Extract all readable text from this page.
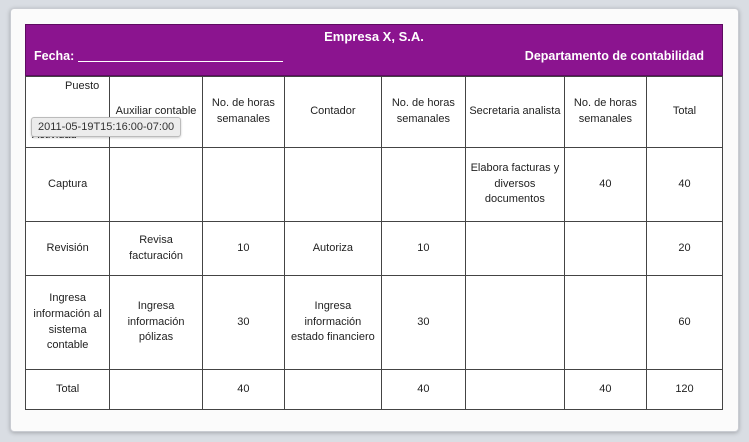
Empresa X, S.A.
Fecha:	Departamento de contabilidad
Puesto	Auxiliar contable	No. de horas semanales	Contador	No. de horas semanales	Secretaria analista	No. de horas semanales	Total
Captura					Elabora facturas y diversos documentos	40	40
Revisión	Revisa facturación	10	Autoriza	10			20
Ingresa información al sistema contable	Ingresa información pólizas	30	Ingresa información estado financiero	30			60
Total		40		40		40	120
2011-05-19T15:16:00-07:00
